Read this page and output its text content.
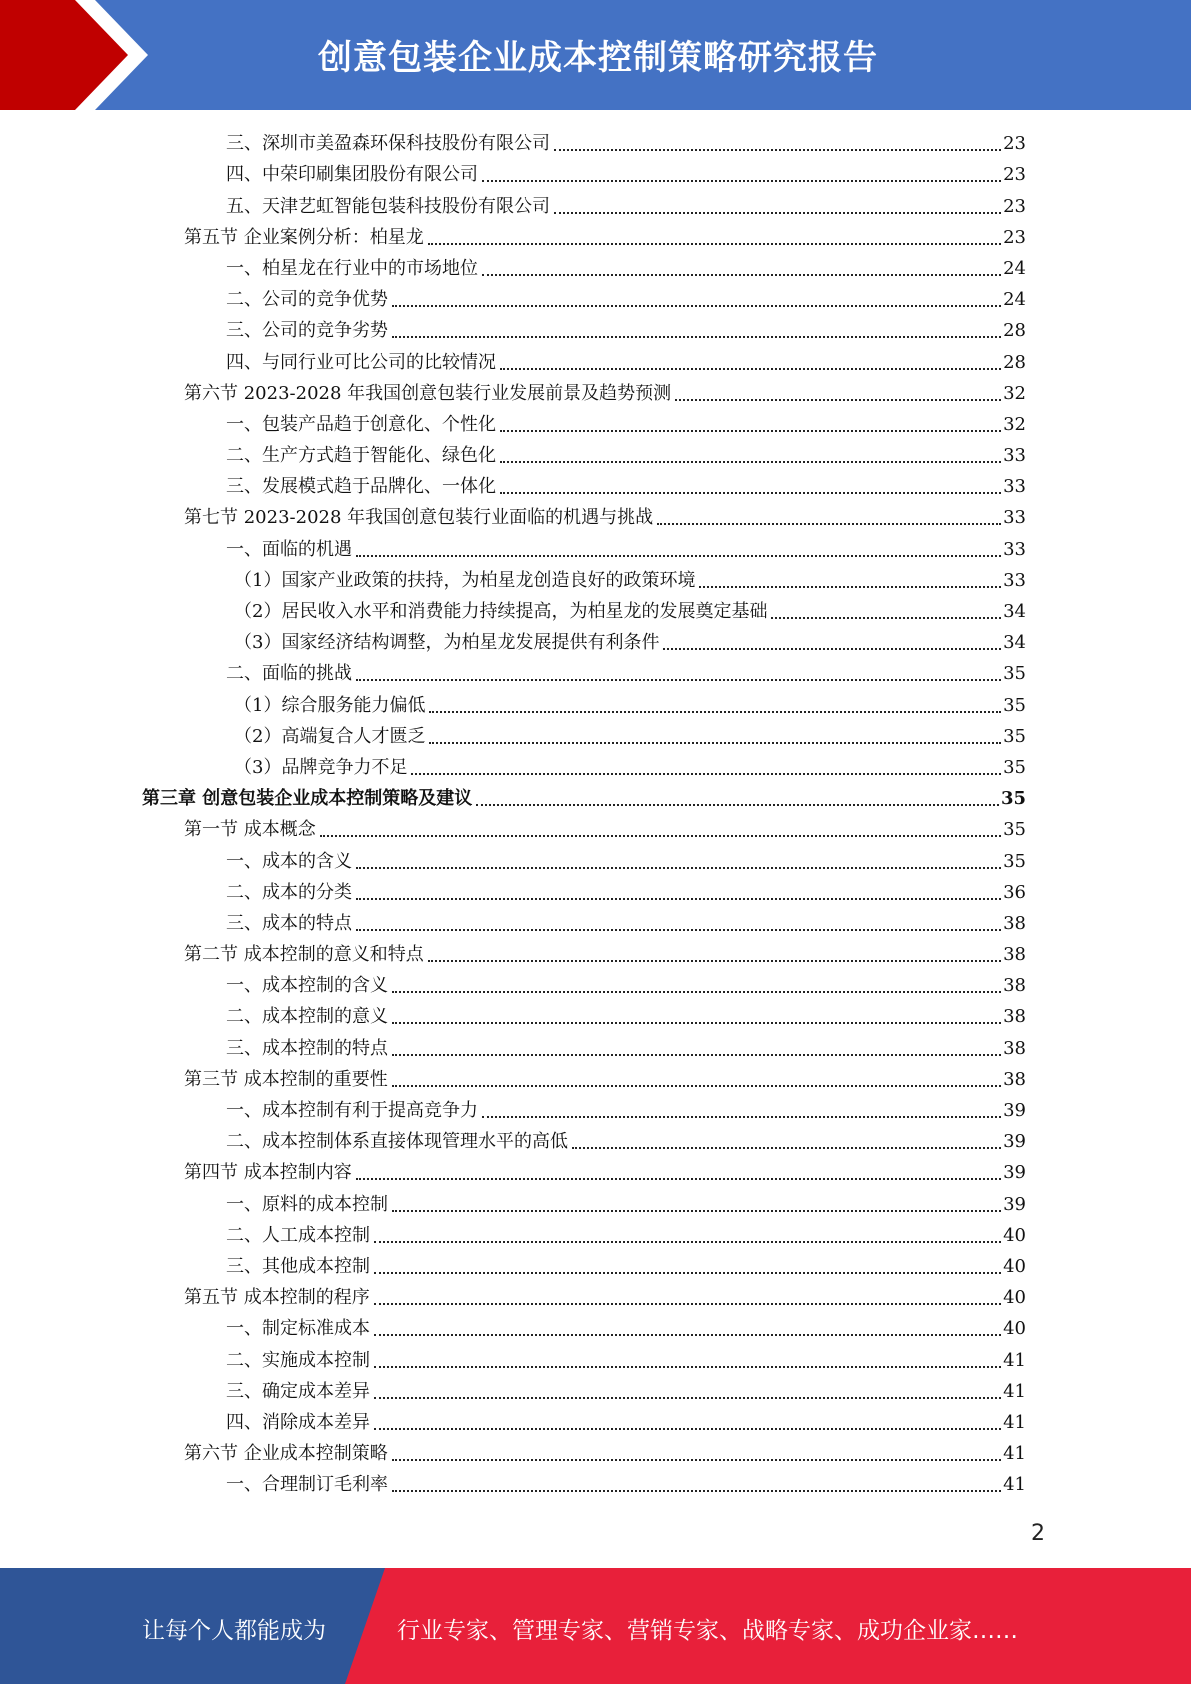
创意包装企业成本控制策略研究报告
三、深圳市美盈森环保科技股份有限公司	23
四、中荣印刷集团股份有限公司	23
五、天津艺虹智能包装科技股份有限公司	23
第五节 企业案例分析：柏星龙	23
一、柏星龙在行业中的市场地位	24
二、公司的竞争优势	24
三、公司的竞争劣势	28
四、与同行业可比公司的比较情况	28
第六节 2023-2028 年我国创意包装行业发展前景及趋势预测	32
一、包装产品趋于创意化、个性化	32
二、生产方式趋于智能化、绿色化	33
三、发展模式趋于品牌化、一体化	33
第七节 2023-2028 年我国创意包装行业面临的机遇与挑战	33
一、面临的机遇	33
（1）国家产业政策的扶持，为柏星龙创造良好的政策环境	33
（2）居民收入水平和消费能力持续提高，为柏星龙的发展奠定基础	34
（3）国家经济结构调整，为柏星龙发展提供有利条件	34
二、面临的挑战	35
（1）综合服务能力偏低	35
（2）高端复合人才匮乏	35
（3）品牌竞争力不足	35
第三章 创意包装企业成本控制策略及建议	35
第一节 成本概念	35
一、成本的含义	35
二、成本的分类	36
三、成本的特点	38
第二节 成本控制的意义和特点	38
一、成本控制的含义	38
二、成本控制的意义	38
三、成本控制的特点	38
第三节 成本控制的重要性	38
一、成本控制有利于提高竞争力	39
二、成本控制体系直接体现管理水平的高低	39
第四节 成本控制内容	39
一、原料的成本控制	39
二、人工成本控制	40
三、其他成本控制	40
第五节 成本控制的程序	40
一、制定标准成本	40
二、实施成本控制	41
三、确定成本差异	41
四、消除成本差异	41
第六节 企业成本控制策略	41
一、合理制订毛利率	41
2
让每个人都能成为	行业专家、管理专家、营销专家、战略专家、成功企业家……
